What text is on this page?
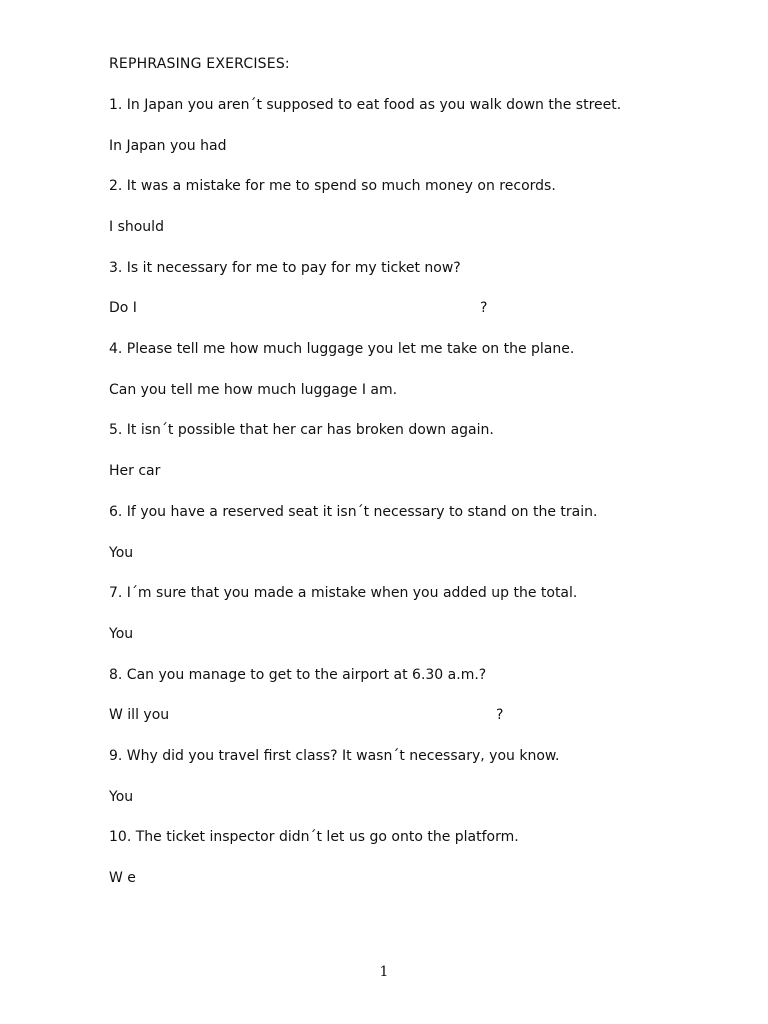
REPHRASING EXERCISES:
1. In Japan you aren´t supposed to eat food as you walk down the street.
In Japan you had
2. It was a mistake for me to spend so much money on records.
I should
3. Is it necessary for me to pay for my ticket now?
Do I	?
4. Please tell me how much luggage you let me take on the plane.
Can you tell me how much luggage I am.
5. It isn´t possible that her car has broken down again.
Her car
6. If you have a reserved seat it isn´t necessary to stand on the train.
You
7. I´m sure that you made a mistake when you added up the total.
You
8. Can you manage to get to the airport at 6.30 a.m.?
W ill you	?
9. Why did you travel first class? It wasn´t necessary, you know.
You
10. The ticket inspector didn´t let us go onto the platform.
W e
1
